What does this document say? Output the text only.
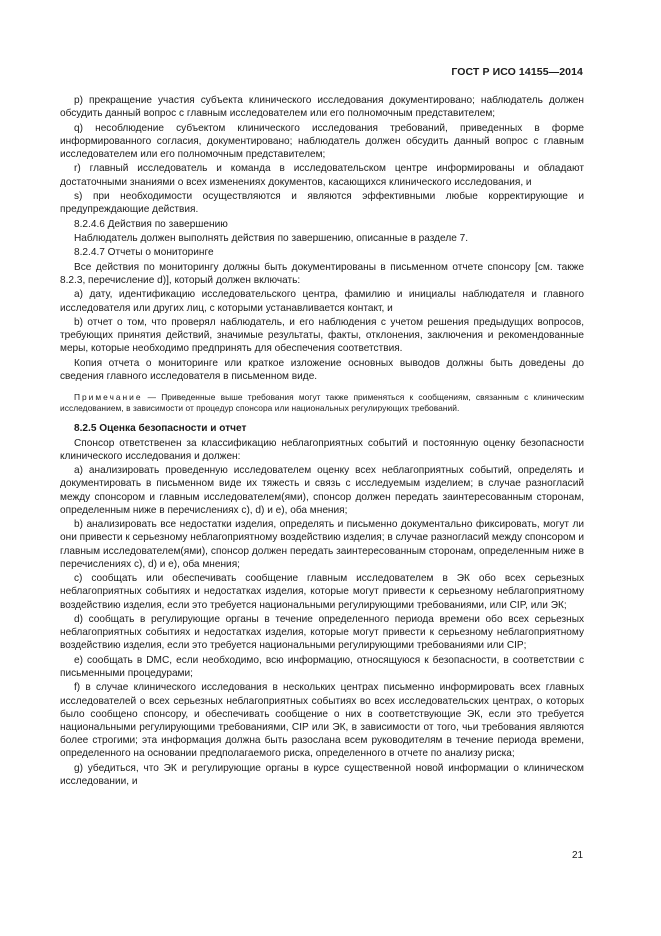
ГОСТ Р ИСО 14155—2014

p) прекращение участия субъекта клинического исследования документировано; наблюдатель должен обсудить данный вопрос с главным исследователем или его полномочным представителем;

q) несоблюдение субъектом клинического исследования требований, приведенных в форме информированного согласия, документировано; наблюдатель должен обсудить данный вопрос с главным исследователем или его полномочным представителем;

r) главный исследователь и команда в исследовательском центре информированы и обладают достаточными знаниями о всех изменениях документов, касающихся клинического исследования, и

s) при необходимости осуществляются и являются эффективными любые корректирующие и предупреждающие действия.

8.2.4.6 Действия по завершению

Наблюдатель должен выполнять действия по завершению, описанные в разделе 7.

8.2.4.7 Отчеты о мониторинге

Все действия по мониторингу должны быть документированы в письменном отчете спонсору [см. также 8.2.3, перечисление d)], который должен включать:

a) дату, идентификацию исследовательского центра, фамилию и инициалы наблюдателя и главного исследователя или других лиц, с которыми устанавливается контакт, и

b) отчет о том, что проверял наблюдатель, и его наблюдения с учетом решения предыдущих вопросов, требующих принятия действий, значимые результаты, факты, отклонения, заключения и рекомендованные меры, которые необходимо предпринять для обеспечения соответствия.

Копия отчета о мониторинге или краткое изложение основных выводов должны быть доведены до сведения главного исследователя в письменном виде.

Примечание — Приведенные выше требования могут также применяться к сообщениям, связанным с клиническим исследованием, в зависимости от процедур спонсора или национальных регулирующих требований.

8.2.5 Оценка безопасности и отчет

Спонсор ответственен за классификацию неблагоприятных событий и постоянную оценку безопасности клинического исследования и должен:

a) анализировать проведенную исследователем оценку всех неблагоприятных событий, определять и документировать в письменном виде их тяжесть и связь с исследуемым изделием; в случае разногласий между спонсором и главным исследователем(ями), спонсор должен передать заинтересованным сторонам, определенным ниже в перечислениях c), d) и e), оба мнения;

b) анализировать все недостатки изделия, определять и письменно документально фиксировать, могут ли они привести к серьезному неблагоприятному воздействию изделия; в случае разногласий между спонсором и главным исследователем(ями), спонсор должен передать заинтересованным сторонам, определенным ниже в перечислениях c), d) и e), оба мнения;

c) сообщать или обеспечивать сообщение главным исследователем в ЭК обо всех серьезных неблагоприятных событиях и недостатках изделия, которые могут привести к серьезному неблагоприятному воздействию изделия, если это требуется национальными регулирующими требованиями, или CIP, или ЭК;

d) сообщать в регулирующие органы в течение определенного периода времени обо всех серьезных неблагоприятных событиях и недостатках изделия, которые могут привести к серьезному неблагоприятному воздействию изделия, если это требуется национальными регулирующими требованиями или CIP;

e) сообщать в DMC, если необходимо, всю информацию, относящуюся к безопасности, в соответствии с письменными процедурами;

f) в случае клинического исследования в нескольких центрах письменно информировать всех главных исследователей о всех серьезных неблагоприятных событиях во всех исследовательских центрах, о которых было сообщено спонсору, и обеспечивать сообщение о них в соответствующие ЭК, если это требуется национальными регулирующими требованиями, CIP или ЭК, в зависимости от того, чьи требования являются более строгими; эта информация должна быть разослана всем руководителям в течение периода времени, определенного на основании предполагаемого риска, определенного в отчете по анализу риска;

g) убедиться, что ЭК и регулирующие органы в курсе существенной новой информации о клиническом исследовании, и

21
